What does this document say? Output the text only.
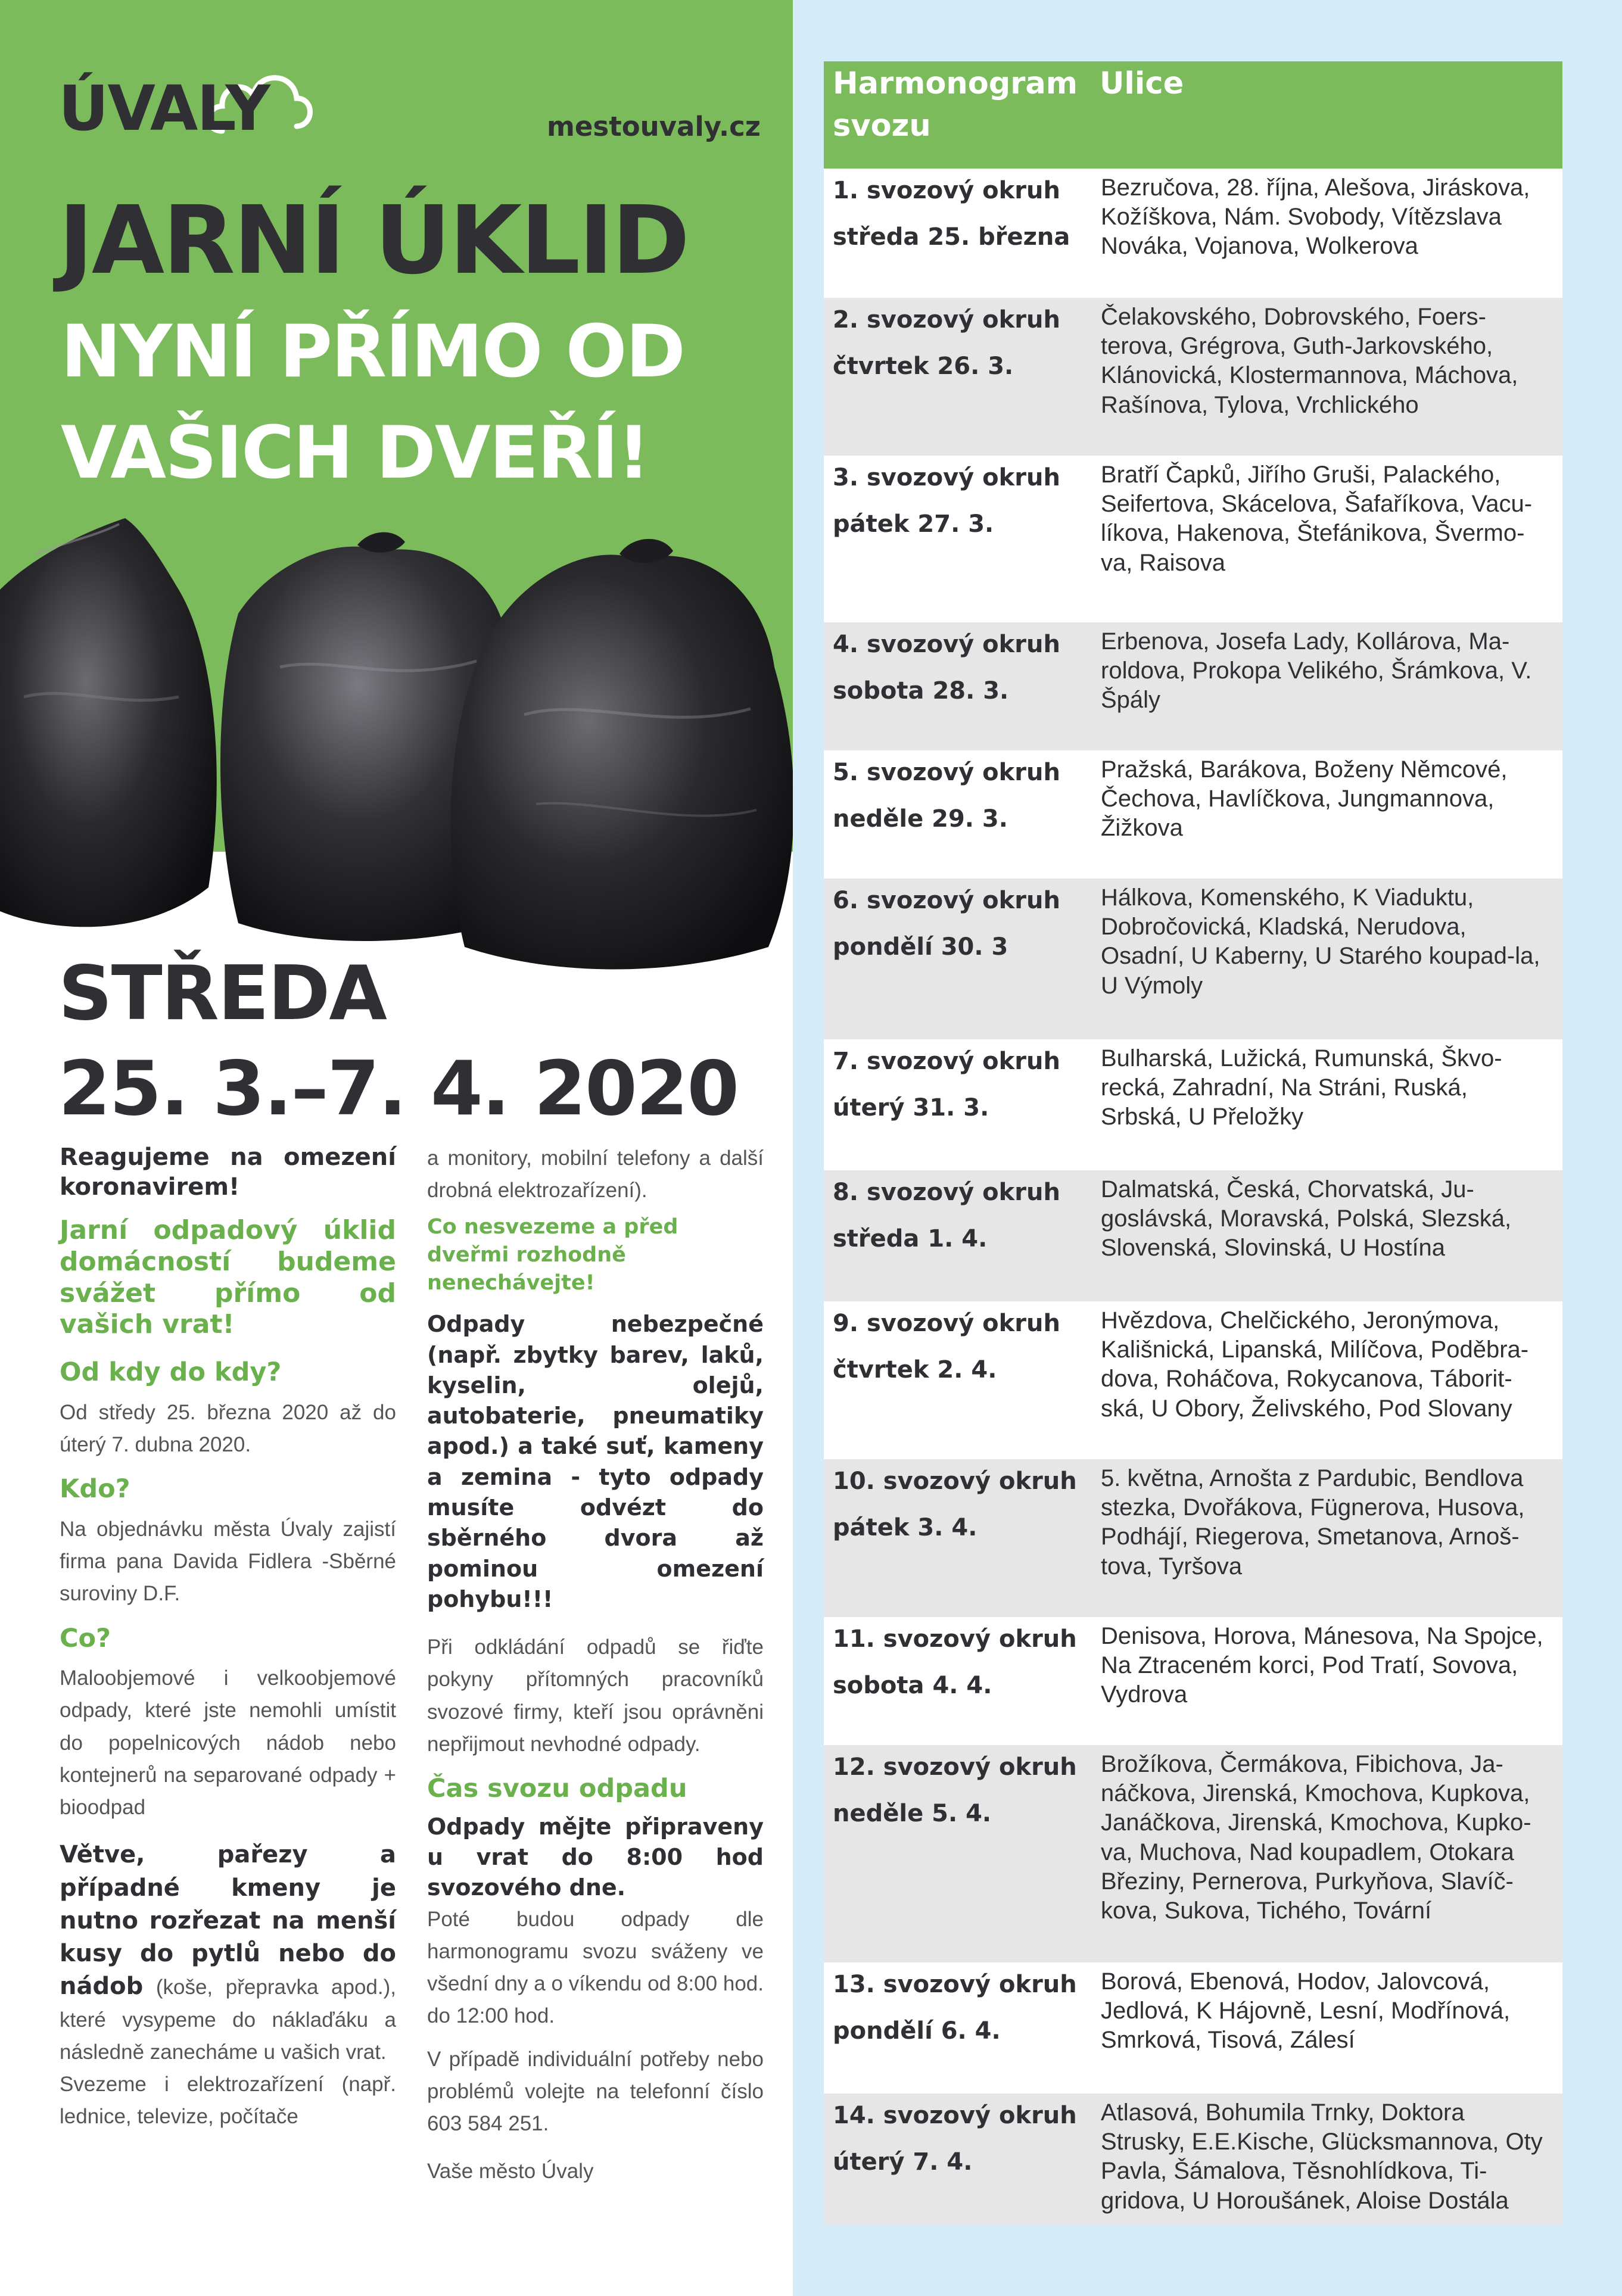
ÚVALY	mestouvaly.cz
JARNÍ ÚKLID
NYNÍ PŘÍMO OD
VAŠICH DVEŘÍ!
STŘEDA
25. 3.–7. 4. 2020

Reagujeme na omezení koronavirem!

Jarní odpadový úklid domácností budeme svážet přímo od vašich vrat!

Od kdy do kdy?

Od středy 25. března 2020 až do úterý 7. dubna 2020.

Kdo?

Na objednávku města Úvaly zajistí firma pana Davida Fidlera -Sběrné suroviny D.F.

Co?

Maloobjemové i velkoobjemové odpady, které jste nemohli umístit do popelnicových nádob nebo kontejnerů na separované odpady + bioodpad

Větve, pařezy a případné kmeny je nutno rozřezat na menší kusy do pytlů nebo do nádob (koše, přepravka apod.), které vysypeme do náklaďáku a následně zanecháme u vašich vrat.

Svezeme i elektrozařízení (např. lednice, televize, počítače

a monitory, mobilní telefony a další drobná elektrozařízení).

Co nesvezeme a před dveřmi rozhodně nenechávejte!

Odpady nebezpečné (např. zbytky barev, laků, kyselin, olejů, autobaterie, pneumatiky apod.) a také suť, kameny a zemina - tyto odpady musíte odvézt do sběrného dvora až pominou omezení pohybu!!!

Při odkládání odpadů se řiďte pokyny přítomných pracovníků svozové firmy, kteří jsou oprávněni nepřijmout nevhodné odpady.

Čas svozu odpadu

Odpady mějte připraveny u vrat do 8:00 hod svozového dne.

Poté budou odpady dle harmonogramu svozu sváženy ve všední dny a o víkendu od 8:00 hod. do 12:00 hod.

V případě individuální potřeby nebo problémů volejte na telefonní číslo 603 584 251.

Vaše město Úvaly

Harmonogram
svozu
Ulice
1. svozový okruh
středa 25. března
Bezručova, 28. října, Alešova, Jiráskova, Kožíškova, Nám. Svobody, Vítězslava Nováka, Vojanova, Wolkerova
2. svozový okruh
čtvrtek 26. 3.
Čelakovského, Dobrovského, Foers-terova, Grégrova, Guth-Jarkovského, Klánovická, Klostermannova, Máchova, Rašínova, Tylova, Vrchlického
3. svozový okruh
pátek 27. 3.
Bratří Čapků, Jiřího Gruši, Palackého, Seifertova, Skácelova, Šafaříkova, Vacu-líkova, Hakenova, Štefánikova, Švermo-va, Raisova
4. svozový okruh
sobota 28. 3.
Erbenova, Josefa Lady, Kollárova, Ma-roldova, Prokopa Velikého, Šrámkova, V. Špály
5. svozový okruh
neděle 29. 3.
Pražská, Barákova, Boženy Němcové, Čechova, Havlíčkova, Jungmannova, Žižkova
6. svozový okruh
pondělí 30. 3
Hálkova, Komenského, K Viaduktu, Dobročovická, Kladská, Nerudova, Osadní, U Kaberny, U Starého koupad-la, U Výmoly
7. svozový okruh
úterý 31. 3.
Bulharská, Lužická, Rumunská, Škvo-recká, Zahradní, Na Stráni, Ruská, Srbská, U Přeložky
8. svozový okruh
středa 1. 4.
Dalmatská, Česká, Chorvatská, Ju-goslávská, Moravská, Polská, Slezská, Slovenská, Slovinská, U Hostína
9. svozový okruh
čtvrtek 2. 4.
Hvězdova, Chelčického, Jeronýmova, Kališnická, Lipanská, Milíčova, Poděbra-dova, Roháčova, Rokycanova, Táborit-ská, U Obory, Želivského, Pod Slovany
10. svozový okruh
pátek 3. 4.
5. května, Arnošta z Pardubic, Bendlova stezka, Dvořákova, Fügnerova, Husova, Podhájí, Riegerova, Smetanova, Arnoš-tova, Tyršova
11. svozový okruh
sobota 4. 4.
Denisova, Horova, Mánesova, Na Spojce, Na Ztraceném korci, Pod Tratí, Sovova, Vydrova
12. svozový okruh
neděle 5. 4.
Brožíkova, Čermákova, Fibichova, Ja-náčkova, Jirenská, Kmochova, Kupkova, Janáčkova, Jirenská, Kmochova, Kupko-va, Muchova, Nad koupadlem, Otokara Březiny, Pernerova, Purkyňova, Slavíč-kova, Sukova, Tichého, Tovární
13. svozový okruh
pondělí 6. 4.
Borová, Ebenová, Hodov, Jalovcová, Jedlová, K Hájovně, Lesní, Modřínová, Smrková, Tisová, Zálesí
14. svozový okruh
úterý 7. 4.
Atlasová, Bohumila Trnky, Doktora Strusky, E.E.Kische, Glücksmannova, Oty Pavla, Šámalova, Těsnohlídkova, Ti-gridova, U Horoušánek, Aloise Dostála
